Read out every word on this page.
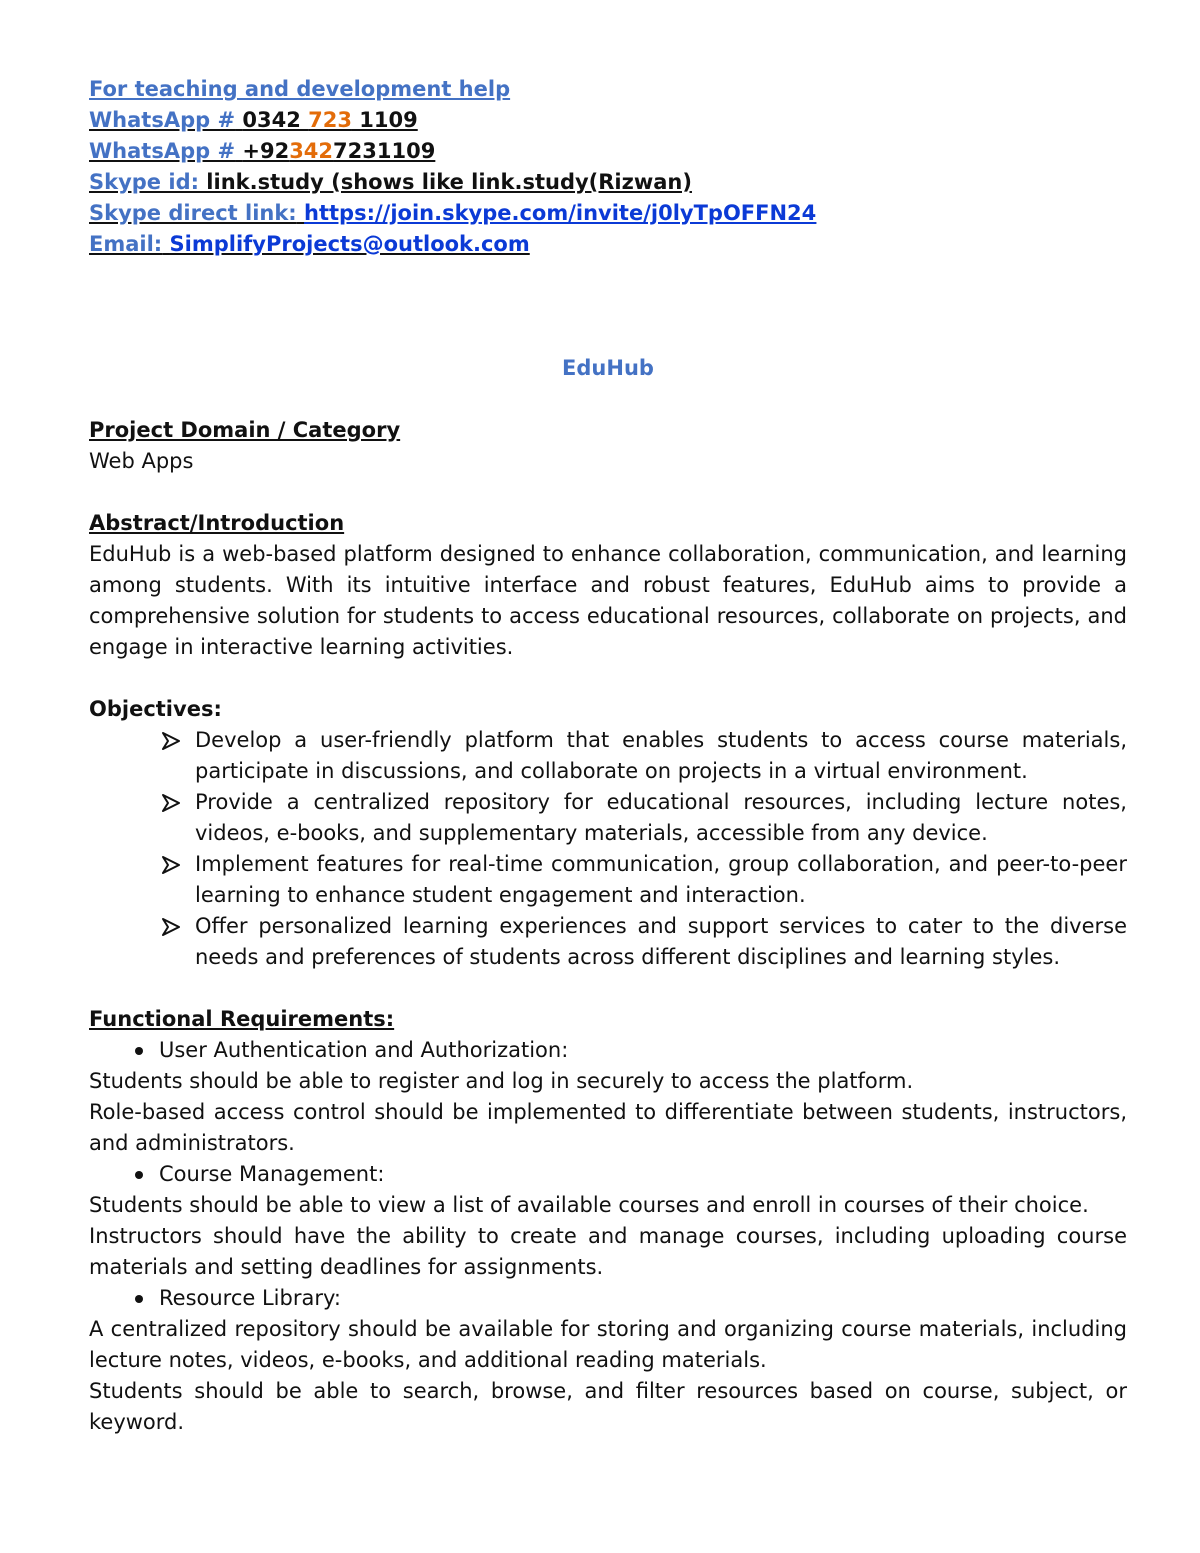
For teaching and development help
WhatsApp # 0342 723 1109
WhatsApp # +923427231109
Skype id: link.study (shows like link.study(Rizwan)
Skype direct link: https://join.skype.com/invite/j0lyTpOFFN24
Email: SimplifyProjects@outlook.com
EduHub
Project Domain / Category
Web Apps
Abstract/Introduction

EduHub is a web-based platform designed to enhance collaboration, communication, and learning among students. With its intuitive interface and robust features, EduHub aims to provide a comprehensive solution for students to access educational resources, collaborate on projects, and engage in interactive learning activities.

Objectives:
Develop a user-friendly platform that enables students to access course materials, participate in discussions, and collaborate on projects in a virtual environment.
Provide a centralized repository for educational resources, including lecture notes, videos, e-books, and supplementary materials, accessible from any device.
Implement features for real-time communication, group collaboration, and peer-to-peer learning to enhance student engagement and interaction.
Offer personalized learning experiences and support services to cater to the diverse needs and preferences of students across different disciplines and learning styles.
Functional Requirements:
User Authentication and Authorization:

Students should be able to register and log in securely to access the platform.

Role-based access control should be implemented to differentiate between students, instructors, and administrators.

Course Management:

Students should be able to view a list of available courses and enroll in courses of their choice.

Instructors should have the ability to create and manage courses, including uploading course materials and setting deadlines for assignments.

Resource Library:

A centralized repository should be available for storing and organizing course materials, including lecture notes, videos, e-books, and additional reading materials.

Students should be able to search, browse, and filter resources based on course, subject, or keyword.
